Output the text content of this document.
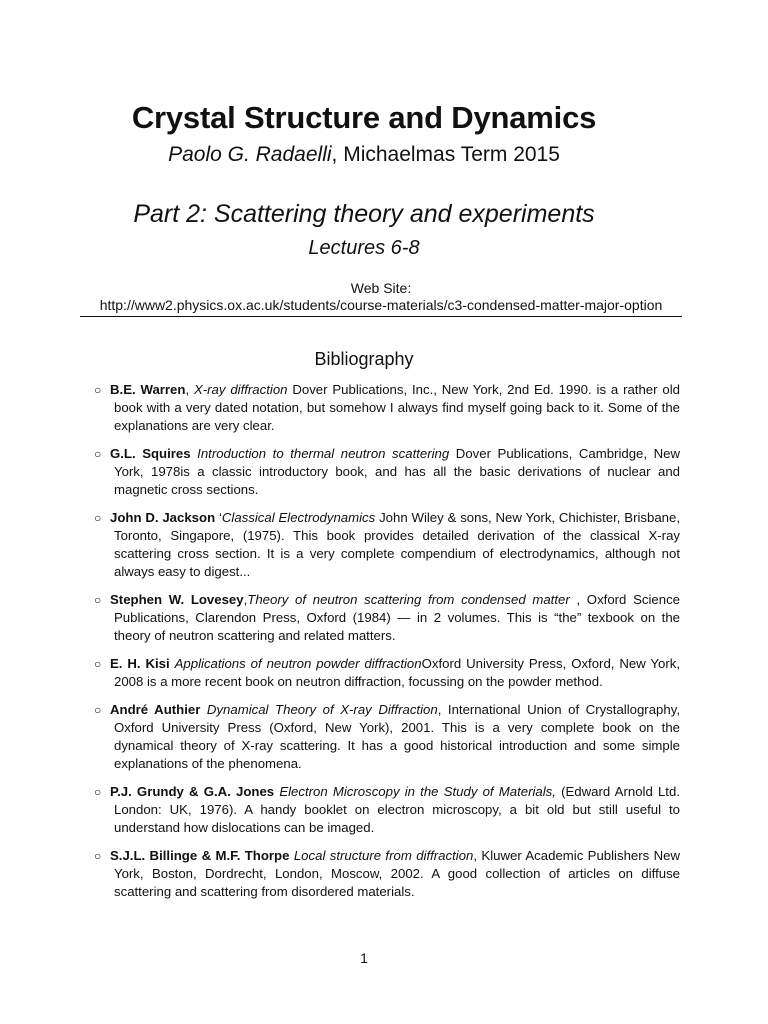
Crystal Structure and Dynamics
Paolo G. Radaelli, Michaelmas Term 2015
Part 2: Scattering theory and experiments
Lectures 6-8
Web Site:
http://www2.physics.ox.ac.uk/students/course-materials/c3-condensed-matter-major-option
Bibliography
○ B.E. Warren, X-ray diffraction Dover Publications, Inc., New York, 2nd Ed. 1990. is a rather old book with a very dated notation, but somehow I always find myself going back to it. Some of the explanations are very clear.
○ G.L. Squires Introduction to thermal neutron scattering Dover Publications, Cambridge, New York, 1978is a classic introductory book, and has all the basic derivations of nuclear and magnetic cross sections.
○ John D. Jackson ‘Classical Electrodynamics John Wiley & sons, New York, Chichister, Brisbane, Toronto, Singapore, (1975). This book provides detailed derivation of the classical X-ray scattering cross section. It is a very complete compendium of electrodynamics, although not always easy to digest...
○ Stephen W. Lovesey,Theory of neutron scattering from condensed matter , Oxford Science Publications, Clarendon Press, Oxford (1984) — in 2 volumes. This is “the” texbook on the theory of neutron scattering and related matters.
○ E. H. Kisi Applications of neutron powder diffractionOxford University Press, Oxford, New York, 2008 is a more recent book on neutron diffraction, focussing on the powder method.
○ André Authier Dynamical Theory of X-ray Diffraction, International Union of Crystallography, Oxford University Press (Oxford, New York), 2001. This is a very complete book on the dynamical theory of X-ray scattering. It has a good historical introduction and some simple explanations of the phenomena.
○ P.J. Grundy & G.A. Jones Electron Microscopy in the Study of Materials, (Edward Arnold Ltd. London: UK, 1976). A handy booklet on electron microscopy, a bit old but still useful to understand how dislocations can be imaged.
○ S.J.L. Billinge & M.F. Thorpe Local structure from diffraction, Kluwer Academic Publishers New York, Boston, Dordrecht, London, Moscow, 2002. A good collection of articles on diffuse scattering and scattering from disordered materials.
1
